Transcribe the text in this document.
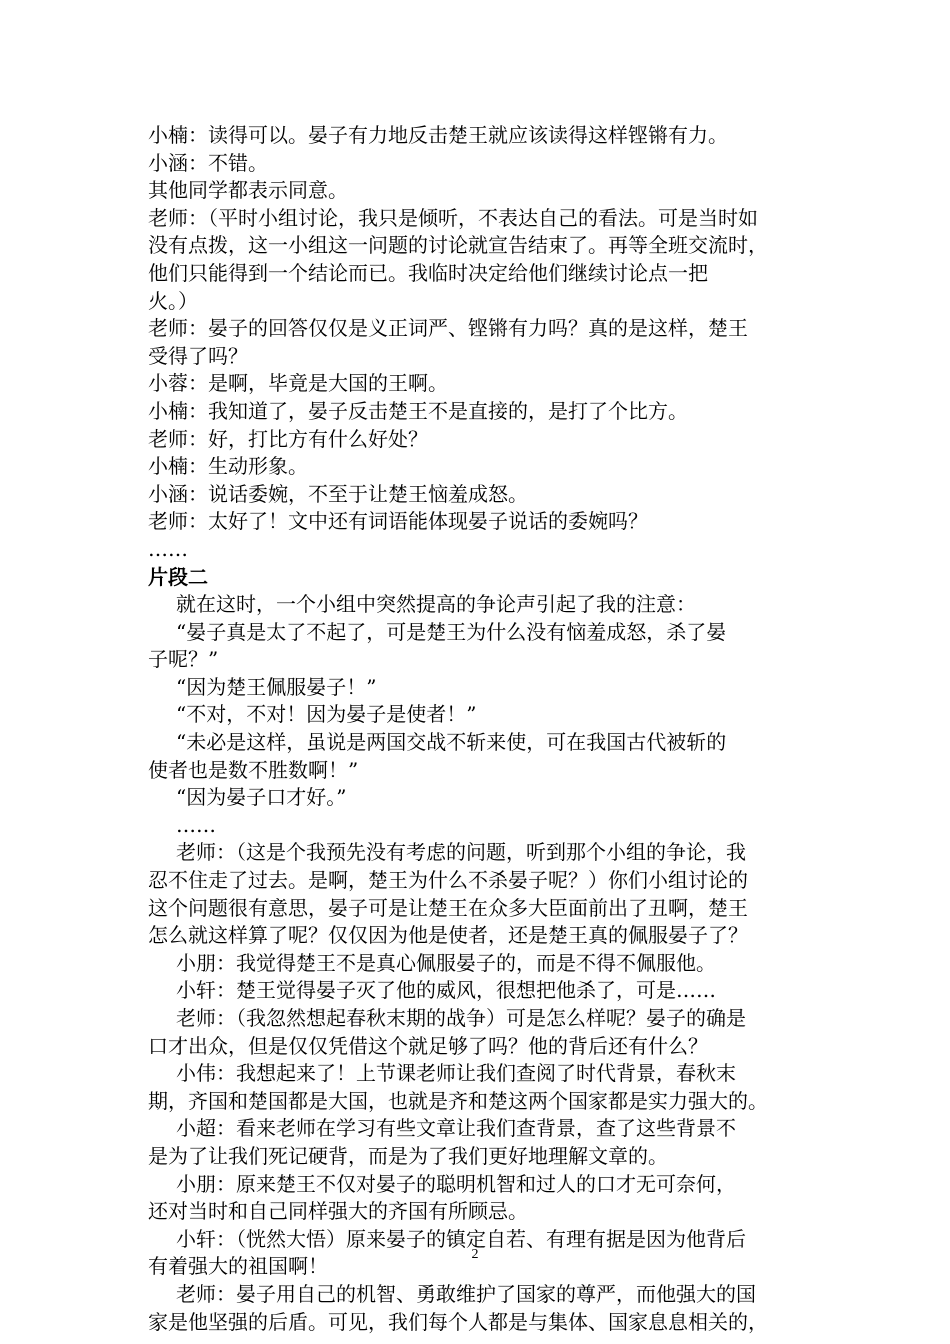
小楠：读得可以。晏子有力地反击楚王就应该读得这样铿锵有力。
小涵：不错。
其他同学都表示同意。
老师：（平时小组讨论，我只是倾听，不表达自己的看法。可是当时如
没有点拨，这一小组这一问题的讨论就宣告结束了。再等全班交流时，
他们只能得到一个结论而已。我临时决定给他们继续讨论点一把
火。）
老师：晏子的回答仅仅是义正词严、铿锵有力吗？真的是这样，楚王
受得了吗？
小蓉：是啊，毕竟是大国的王啊。
小楠：我知道了，晏子反击楚王不是直接的，是打了个比方。
老师：好，打比方有什么好处？
小楠：生动形象。
小涵：说话委婉，不至于让楚王恼羞成怒。
老师：太好了！文中还有词语能体现晏子说话的委婉吗？
……
片段二
就在这时，一个小组中突然提高的争论声引起了我的注意：
“晏子真是太了不起了，可是楚王为什么没有恼羞成怒，杀了晏
子呢？”
“因为楚王佩服晏子！”
“不对，不对！因为晏子是使者！”
“未必是这样，虽说是两国交战不斩来使，可在我国古代被斩的
使者也是数不胜数啊！”
“因为晏子口才好。”
……
老师：（这是个我预先没有考虑的问题，听到那个小组的争论，我
忍不住走了过去。是啊，楚王为什么不杀晏子呢？）你们小组讨论的
这个问题很有意思，晏子可是让楚王在众多大臣面前出了丑啊，楚王
怎么就这样算了呢？仅仅因为他是使者，还是楚王真的佩服晏子了？
小朋：我觉得楚王不是真心佩服晏子的，而是不得不佩服他。
小轩：楚王觉得晏子灭了他的威风，很想把他杀了，可是……
老师：（我忽然想起春秋末期的战争）可是怎么样呢？晏子的确是
口才出众，但是仅仅凭借这个就足够了吗？他的背后还有什么？
小伟：我想起来了！上节课老师让我们查阅了时代背景，春秋末
期，齐国和楚国都是大国，也就是齐和楚这两个国家都是实力强大的。
小超：看来老师在学习有些文章让我们查背景，查了这些背景不
是为了让我们死记硬背，而是为了我们更好地理解文章的。
小朋：原来楚王不仅对晏子的聪明机智和过人的口才无可奈何，
还对当时和自己同样强大的齐国有所顾忌。
小轩：（恍然大悟）原来晏子的镇定自若、有理有据是因为他背后
有着强大的祖国啊！
老师：晏子用自己的机智、勇敢维护了国家的尊严，而他强大的国
家是他坚强的后盾。可见，我们每个人都是与集体、国家息息相关的，
2
